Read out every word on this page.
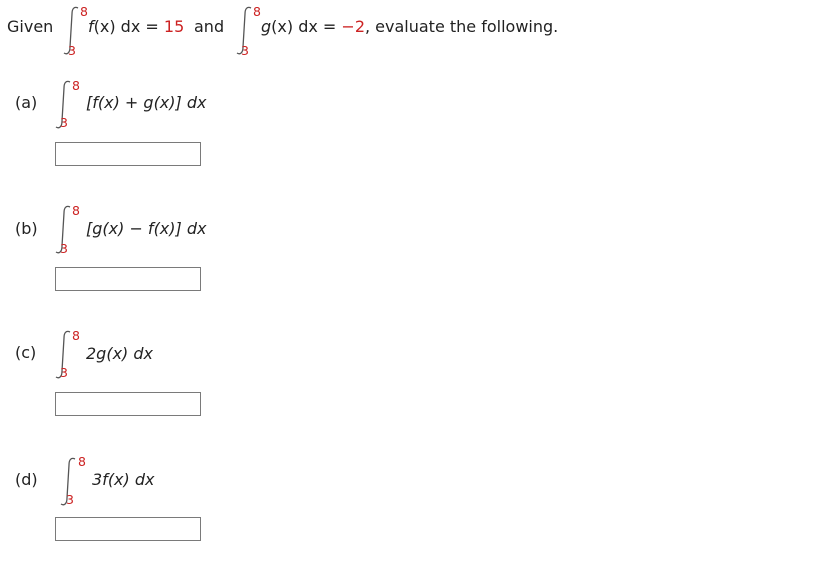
Given
8
3
f(x) dx = 15 and
8
3
g(x) dx = −2, evaluate the following.
(a)
8
3
[f(x) + g(x)] dx
(b)
8
3
[g(x) − f(x)] dx
(c)
8
3
2g(x) dx
(d)
8
3
3f(x) dx
